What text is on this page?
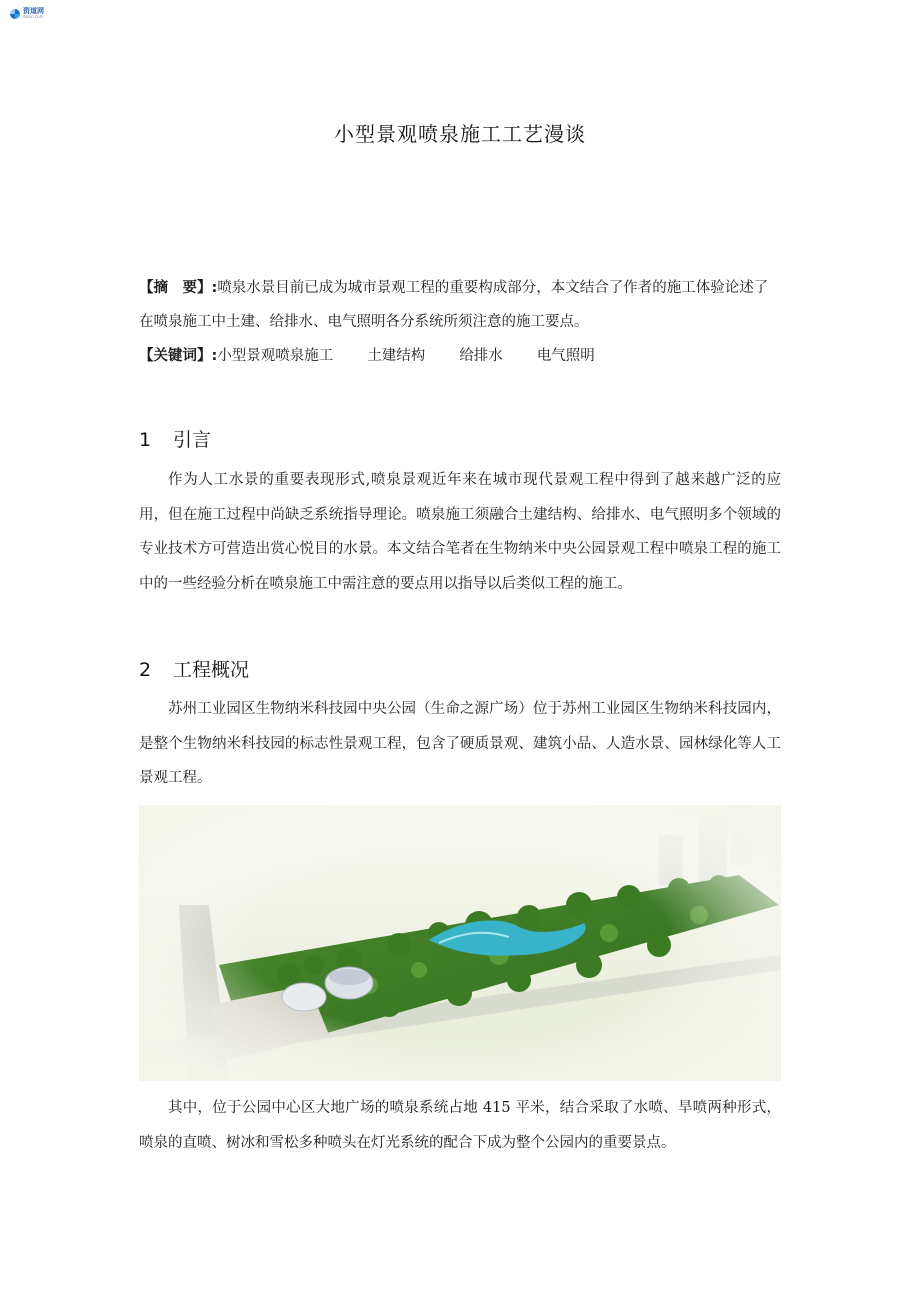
资道网
docin.com
小型景观喷泉施工工艺漫谈

【摘　要】:喷泉水景目前已成为城市景观工程的重要构成部分，本文结合了作者的施工体验论述了在喷泉施工中土建、给排水、电气照明各分系统所须注意的施工要点。

【关键词】:小型景观喷泉施工 土建结构 给排水 电气照明

1 引言

作为人工水景的重要表现形式,喷泉景观近年来在城市现代景观工程中得到了越来越广泛的应用，但在施工过程中尚缺乏系统指导理论。喷泉施工须融合土建结构、给排水、电气照明多个领域的专业技术方可营造出赏心悦目的水景。本文结合笔者在生物纳米中央公园景观工程中喷泉工程的施工中的一些经验分析在喷泉施工中需注意的要点用以指导以后类似工程的施工。

2 工程概况

苏州工业园区生物纳米科技园中央公园（生命之源广场）位于苏州工业园区生物纳米科技园内，是整个生物纳米科技园的标志性景观工程，包含了硬质景观、建筑小品、人造水景、园林绿化等人工景观工程。

其中，位于公园中心区大地广场的喷泉系统占地 415 平米，结合采取了水喷、旱喷两种形式，喷泉的直喷、树冰和雪松多种喷头在灯光系统的配合下成为整个公园内的重要景点。
